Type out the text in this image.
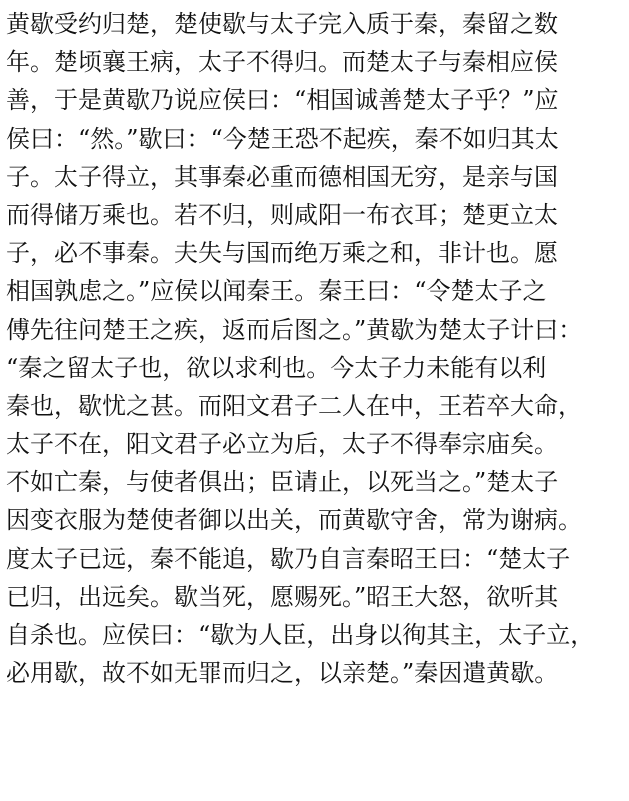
黄歇受约归楚，楚使歇与太子完入质于秦，秦留之数
年。楚顷襄王病，太子不得归。而楚太子与秦相应侯
善，于是黄歇乃说应侯曰：“相国诚善楚太子乎？”应
侯曰：“然。”歇曰：“今楚王恐不起疾，秦不如归其太
子。太子得立，其事秦必重而德相国无穷，是亲与国
而得储万乘也。若不归，则咸阳一布衣耳；楚更立太
子，必不事秦。夫失与国而绝万乘之和，非计也。愿
相国孰虑之。”应侯以闻秦王。秦王曰：“令楚太子之
傅先往问楚王之疾，返而后图之。”黄歇为楚太子计曰：
“秦之留太子也，欲以求利也。今太子力未能有以利
秦也，歇忧之甚。而阳文君子二人在中，王若卒大命，
太子不在，阳文君子必立为后，太子不得奉宗庙矣。
不如亡秦，与使者俱出；臣请止，以死当之。”楚太子
因变衣服为楚使者御以出关，而黄歇守舍，常为谢病。
度太子已远，秦不能追，歇乃自言秦昭王曰：“楚太子
已归，出远矣。歇当死，愿赐死。”昭王大怒，欲听其
自杀也。应侯曰：“歇为人臣，出身以徇其主，太子立，
必用歇，故不如无罪而归之，以亲楚。”秦因遣黄歇。
